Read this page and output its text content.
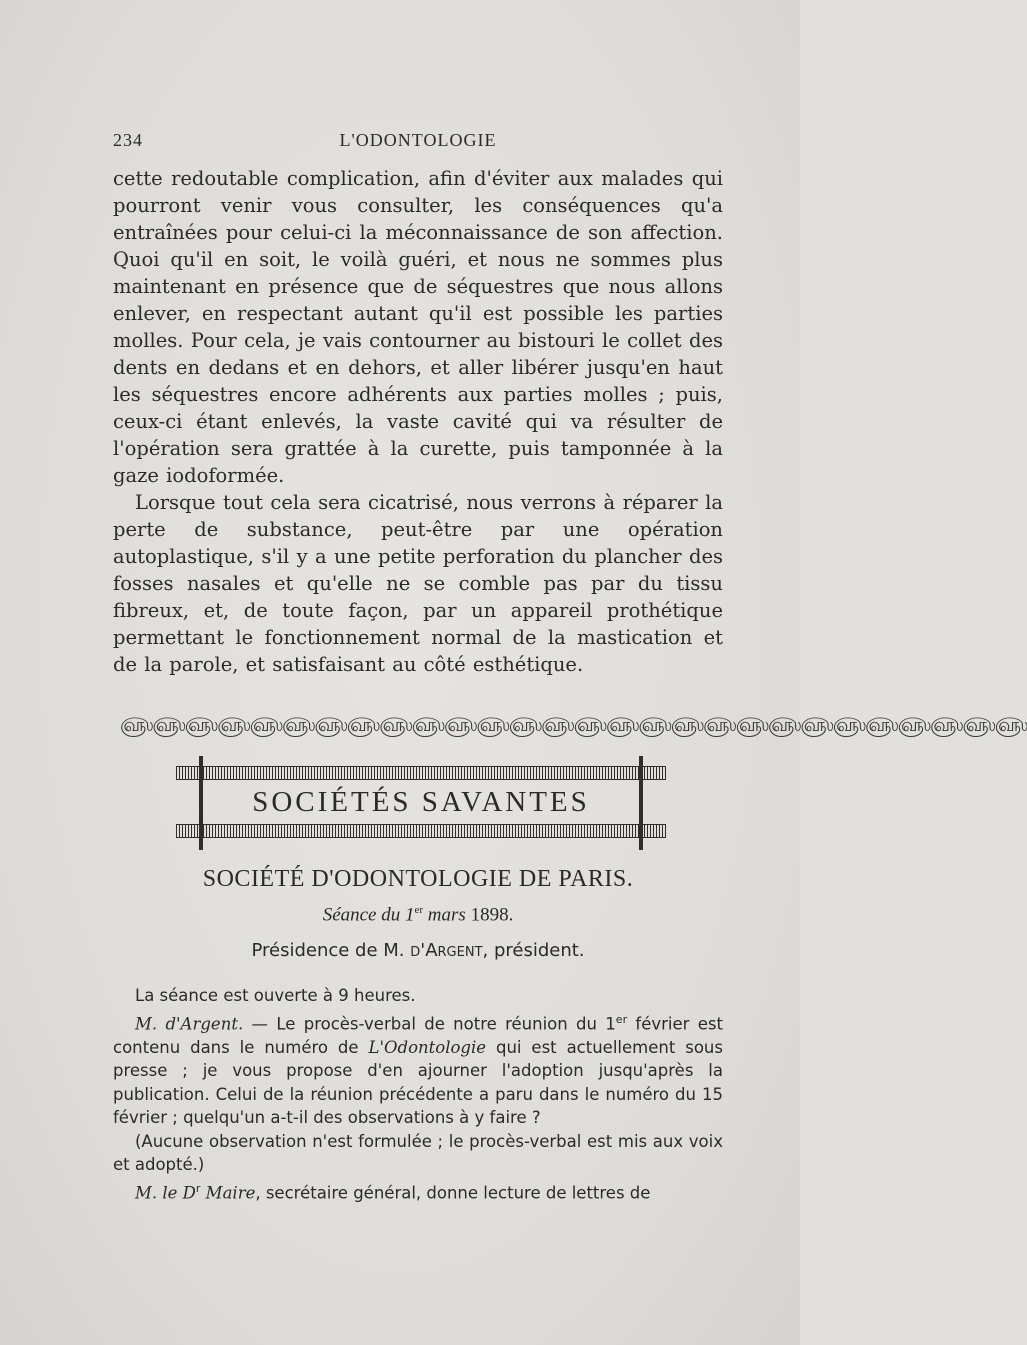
234	L'ODONTOLOGIE

cette redoutable complication, afin d'éviter aux malades qui pourront venir vous consulter, les conséquences qu'a entraînées pour celui-ci la méconnaissance de son affection. Quoi qu'il en soit, le voilà guéri, et nous ne sommes plus maintenant en présence que de séquestres que nous allons enlever, en respectant autant qu'il est possible les parties molles. Pour cela, je vais contourner au bistouri le collet des dents en dedans et en dehors, et aller libérer jusqu'en haut les séquestres encore adhérents aux parties molles ; puis, ceux-ci étant enlevés, la vaste cavité qui va résulter de l'opération sera grattée à la curette, puis tamponnée à la gaze iodoformée.

Lorsque tout cela sera cicatrisé, nous verrons à réparer la perte de substance, peut-être par une opération autoplastique, s'il y a une petite perforation du plancher des fosses nasales et qu'elle ne se comble pas par du tissu fibreux, et, de toute façon, par un appareil prothétique permettant le fonctionnement normal de la mastication et de la parole, et satisfaisant au côté esthétique.

௵௵௵௵௵௵௵௵௵௵௵௵௵௵௵௵௵௵௵௵௵௵௵௵௵௵௵௵
SOCIÉTÉS SAVANTES
SOCIÉTÉ D'ODONTOLOGIE DE PARIS.
Séance du 1er mars 1898.
Présidence de M. d'Argent, président.

La séance est ouverte à 9 heures.

M. d'Argent. — Le procès-verbal de notre réunion du 1er février est contenu dans le numéro de L'Odontologie qui est actuellement sous presse ; je vous propose d'en ajourner l'adoption jusqu'après la publication. Celui de la réunion précédente a paru dans le numéro du 15 février ; quelqu'un a-t-il des observations à y faire ?

(Aucune observation n'est formulée ; le procès-verbal est mis aux voix et adopté.)

M. le $D^r$ Maire, secrétaire général, donne lecture de lettres de
